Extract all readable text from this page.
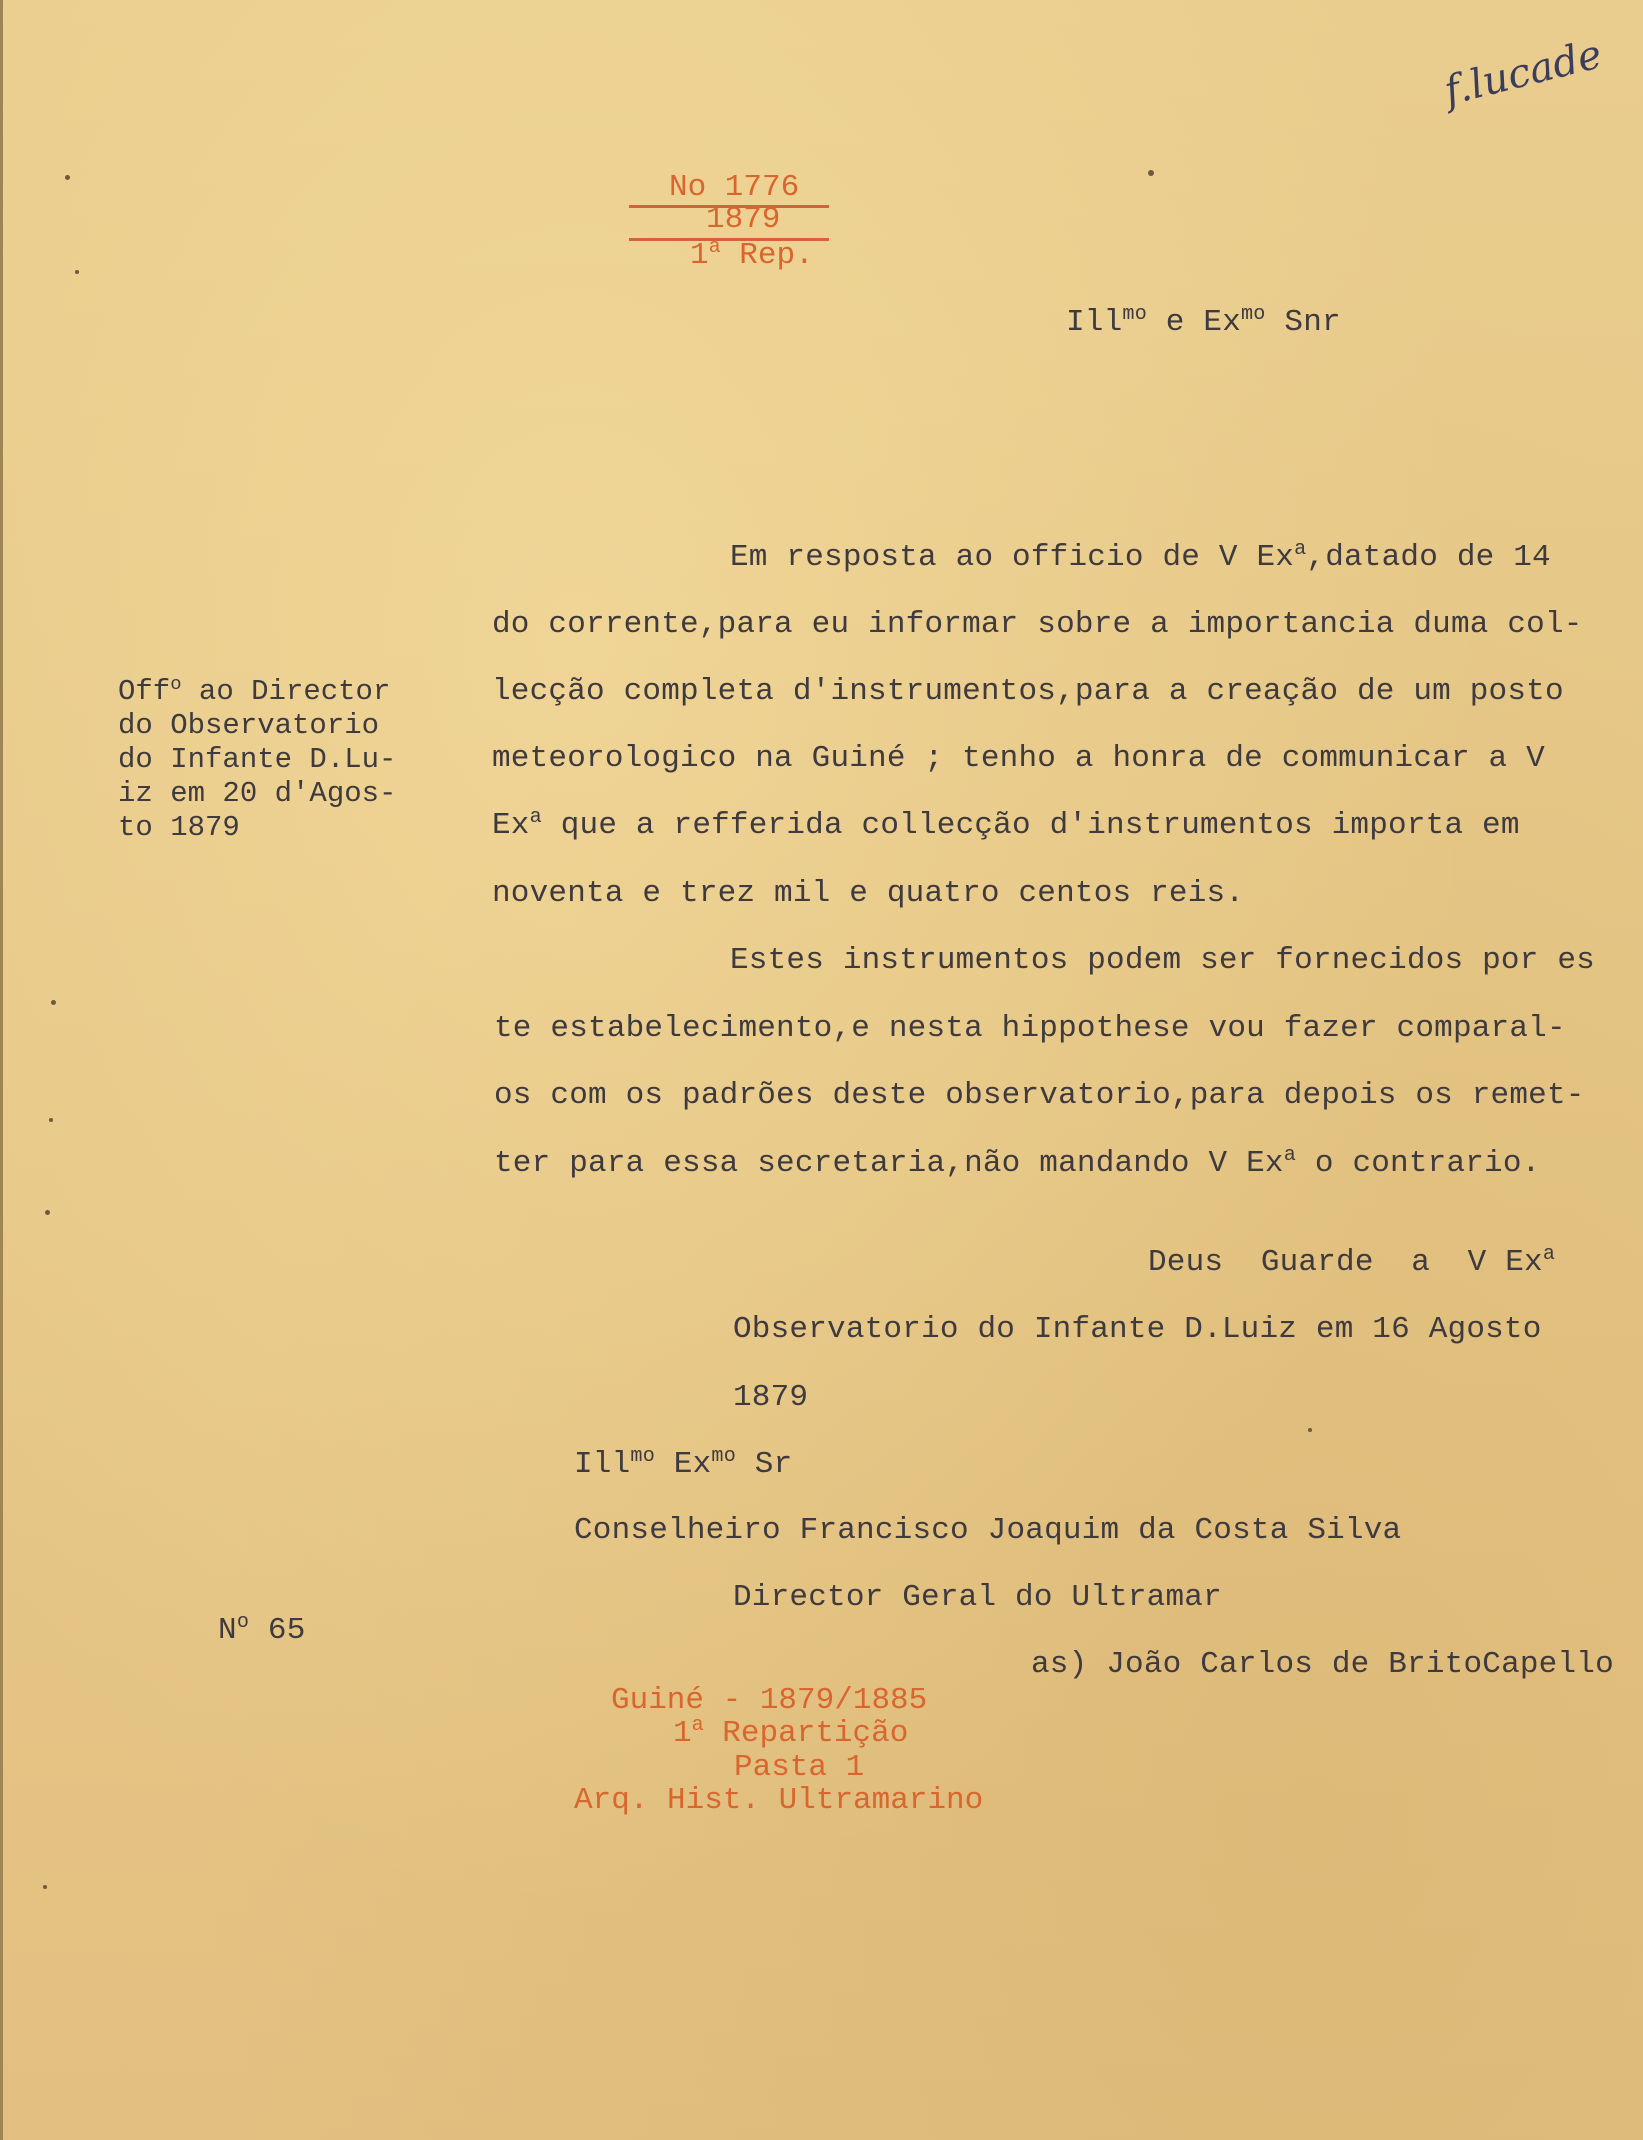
f.lucade
No 1776
1879
1$^a$ Rep.
Ill$^{mo}$ e $Ex^{mo}$ Snr
Off$^o$ ao Director
do Observatorio
do Infante D.Lu-
iz em 20 d'Agos-
to 1879
Em resposta ao officio de V Ex$^a$,datado de 14
do corrente,para eu informar sobre a importancia duma col-
lecção completa d'instrumentos,para a creação de um posto
meteorologico na Guiné ; tenho a honra de communicar a V
Ex$^a$ que a refferida collecção d'instrumentos importa em
noventa e trez mil e quatro centos reis.
Estes instrumentos podem ser fornecidos por es
te estabelecimento,e nesta hippothese vou fazer comparal-
os com os padrões deste observatorio,para depois os remet-
ter para essa secretaria,não mandando V Ex$^a$ o contrario.
Deus  Guarde  a  V Ex$^a$
Observatorio do Infante D.Luiz em 16 Agosto
1879
Ill$^{mo}$ $Ex^{mo}$ Sr
Conselheiro Francisco Joaquim da Costa Silva
Director Geral do Ultramar
as) João Carlos de BritoCapello
$N^o$ 65
Guiné - 1879/1885
1$^a$ Repartição
Pasta 1
Arq. Hist. Ultramarino
